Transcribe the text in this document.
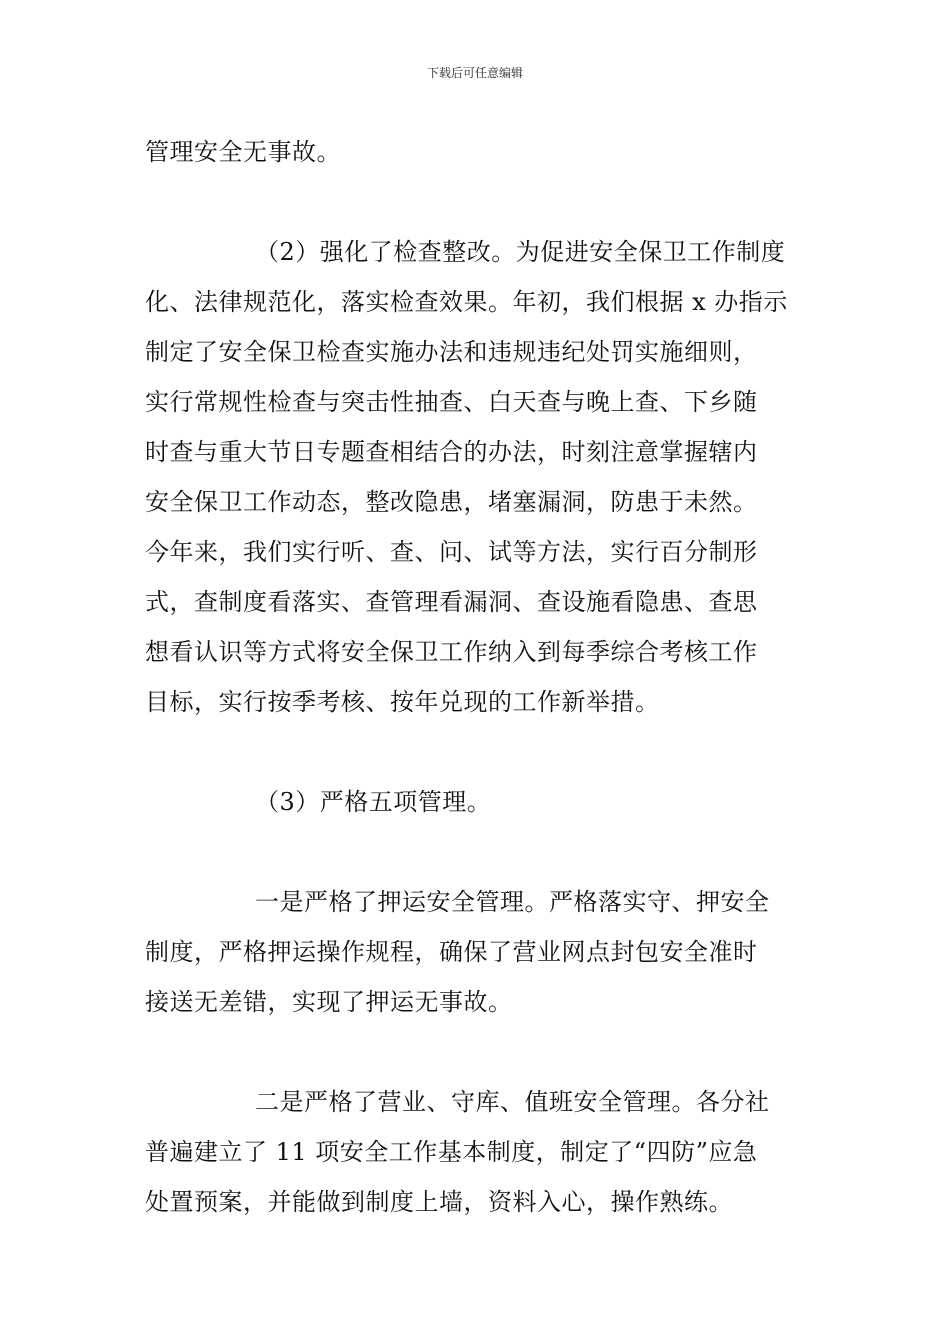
下载后可任意编辑

管理安全无事故。

（2）强化了检查整改。为促进安全保卫工作制度
化、法律规范化，落实检查效果。年初，我们根据 x 办指示
制定了安全保卫检查实施办法和违规违纪处罚实施细则，
实行常规性检查与突击性抽查、白天查与晚上查、下乡随
时查与重大节日专题查相结合的办法，时刻注意掌握辖内
安全保卫工作动态，整改隐患，堵塞漏洞，防患于未然。
今年来，我们实行听、查、问、试等方法，实行百分制形
式，查制度看落实、查管理看漏洞、查设施看隐患、查思
想看认识等方式将安全保卫工作纳入到每季综合考核工作
目标，实行按季考核、按年兑现的工作新举措。

（3）严格五项管理。

一是严格了押运安全管理。严格落实守、押安全
制度，严格押运操作规程，确保了营业网点封包安全准时
接送无差错，实现了押运无事故。

二是严格了营业、守库、值班安全管理。各分社
普遍建立了 11 项安全工作基本制度，制定了“四防”应急
处置预案，并能做到制度上墙，资料入心，操作熟练。
